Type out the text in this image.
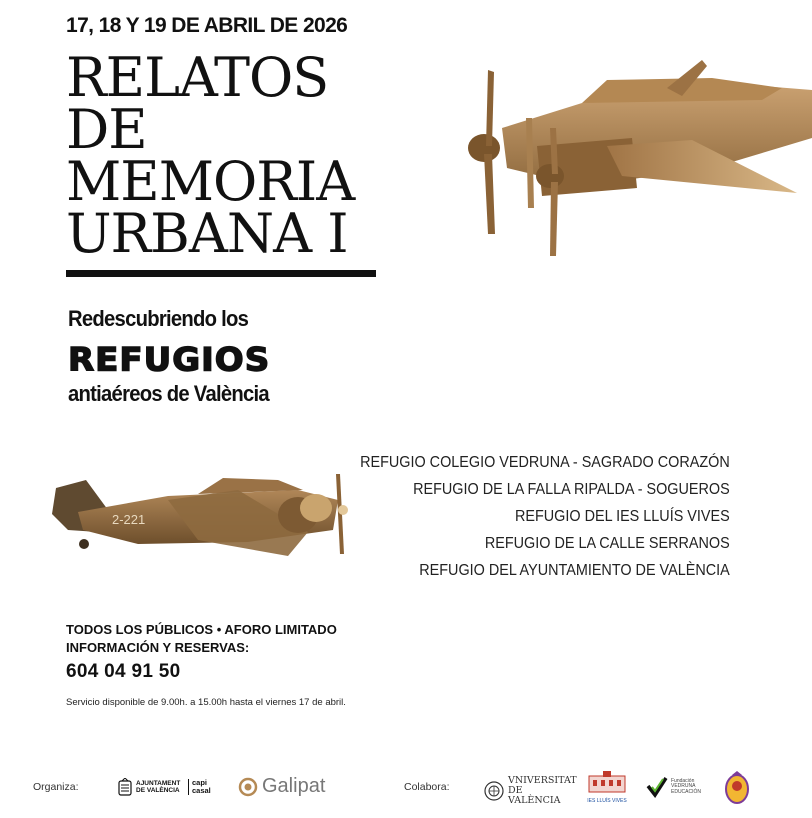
17, 18 Y 19 DE ABRIL DE 2026
RELATOS
DE
MEMORIA
URBANA I
Redescubriendo los
REFUGIOS
antiaéreos de València
2-221
REFUGIO COLEGIO VEDRUNA - SAGRADO CORAZÓN
REFUGIO DE LA FALLA RIPALDA - SOGUEROS
REFUGIO DEL IES LLUÍS VIVES
REFUGIO DE LA CALLE SERRANOS
REFUGIO DEL AYUNTAMIENTO DE VALÈNCIA
TODOS LOS PÚBLICOS • AFORO LIMITADO
INFORMACIÓN Y RESERVAS:
604 04 91 50
Servicio disponible de 9.00h. a 15.00h hasta el viernes 17 de abril.
Organiza:	AJUNTAMENT DE VALÈNCIA
capi casal	Galipat	Colabora:
VNIVERSITAT DE VALÈNCIA	IES LLUÍS VIVES
Fundación VEDRUNA EDUCACIÓN
